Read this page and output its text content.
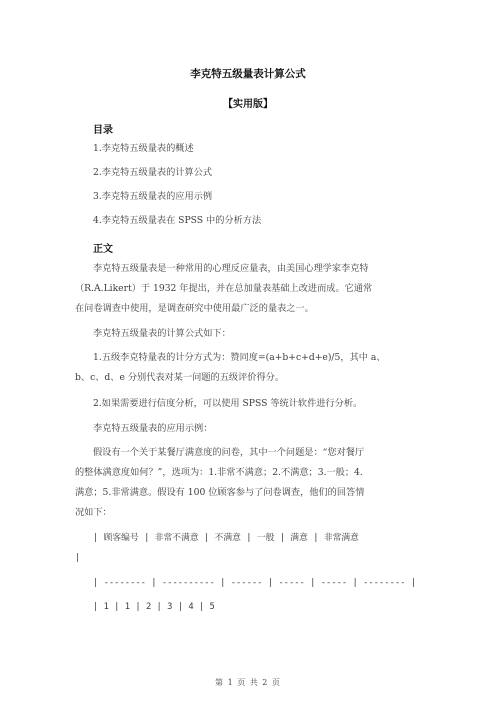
李克特五级量表计算公式
【实用版】
目录
1.李克特五级量表的概述
2.李克特五级量表的计算公式
3.李克特五级量表的应用示例
4.李克特五级量表在 SPSS 中的分析方法
正文
李克特五级量表是一种常用的心理反应量表，由美国心理学家李克特
（R.A.Likert）于 1932 年提出，并在总加量表基础上改进而成。它通常
在问卷调查中使用，是调查研究中使用最广泛的量表之一。
李克特五级量表的计算公式如下：
1.五级李克特量表的计分方式为：赞同度=(a+b+c+d+e)/5，其中 a、
b、c、d、e 分别代表对某一问题的五级评价得分。
2.如果需要进行信度分析，可以使用 SPSS 等统计软件进行分析。
李克特五级量表的应用示例：
假设有一个关于某餐厅满意度的问卷，其中一个问题是：“您对餐厅
的整体满意度如何？”，选项为：1.非常不满意；2.不满意；3.一般；4.
满意；5.非常满意。假设有 100 位顾客参与了问卷调查，他们的回答情
况如下：
| 顾客编号 | 非常不满意 | 不满意 | 一般 | 满意 | 非常满意
|
| -------- | ---------- | ------ | ----- | ----- | -------- |
| 1 | 1 | 2 | 3 | 4 | 5
第 1 页 共 2 页
